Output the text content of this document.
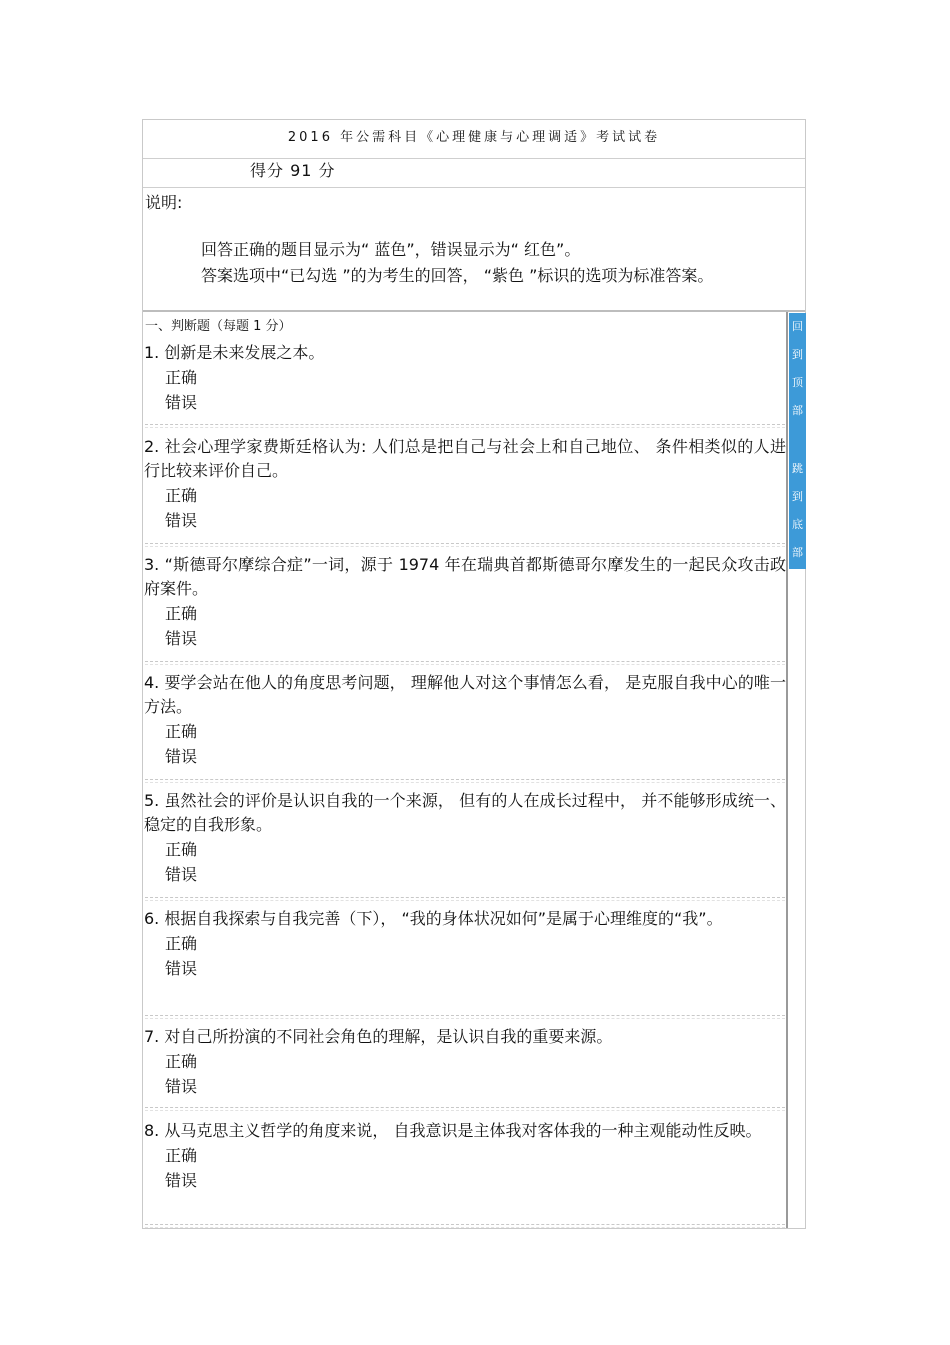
2016 年公需科目《心理健康与心理调适》考试试卷
得分 91 分
说明:
回答正确的题目显示为“ 蓝色”，错误显示为“ 红色”。
答案选项中“已勾选 ”的为考生的回答， “紫色 ”标识的选项为标准答案。
一、判断题（每题 1 分）

1. 创新是未来发展之本。

正确
错误

2. 社会心理学家费斯廷格认为: 人们总是把自己与社会上和自己地位、 条件相类似的人进行比较来评价自己。

正确
错误

3. “斯德哥尔摩综合症”一词，源于 1974 年在瑞典首都斯德哥尔摩发生的一起民众攻击政府案件。

正确
错误

4. 要学会站在他人的角度思考问题， 理解他人对这个事情怎么看， 是克服自我中心的唯一方法。

正确
错误

5. 虽然社会的评价是认识自我的一个来源， 但有的人在成长过程中， 并不能够形成统一、稳定的自我形象。

正确
错误

6. 根据自我探索与自我完善（下）， “我的身体状况如何”是属于心理维度的“我”。

正确
错误

7. 对自己所扮演的不同社会角色的理解，是认识自我的重要来源。

正确
错误

8. 从马克思主义哲学的角度来说， 自我意识是主体我对客体我的一种主观能动性反映。

正确
错误
回
到
顶
部
跳
到
底
部
